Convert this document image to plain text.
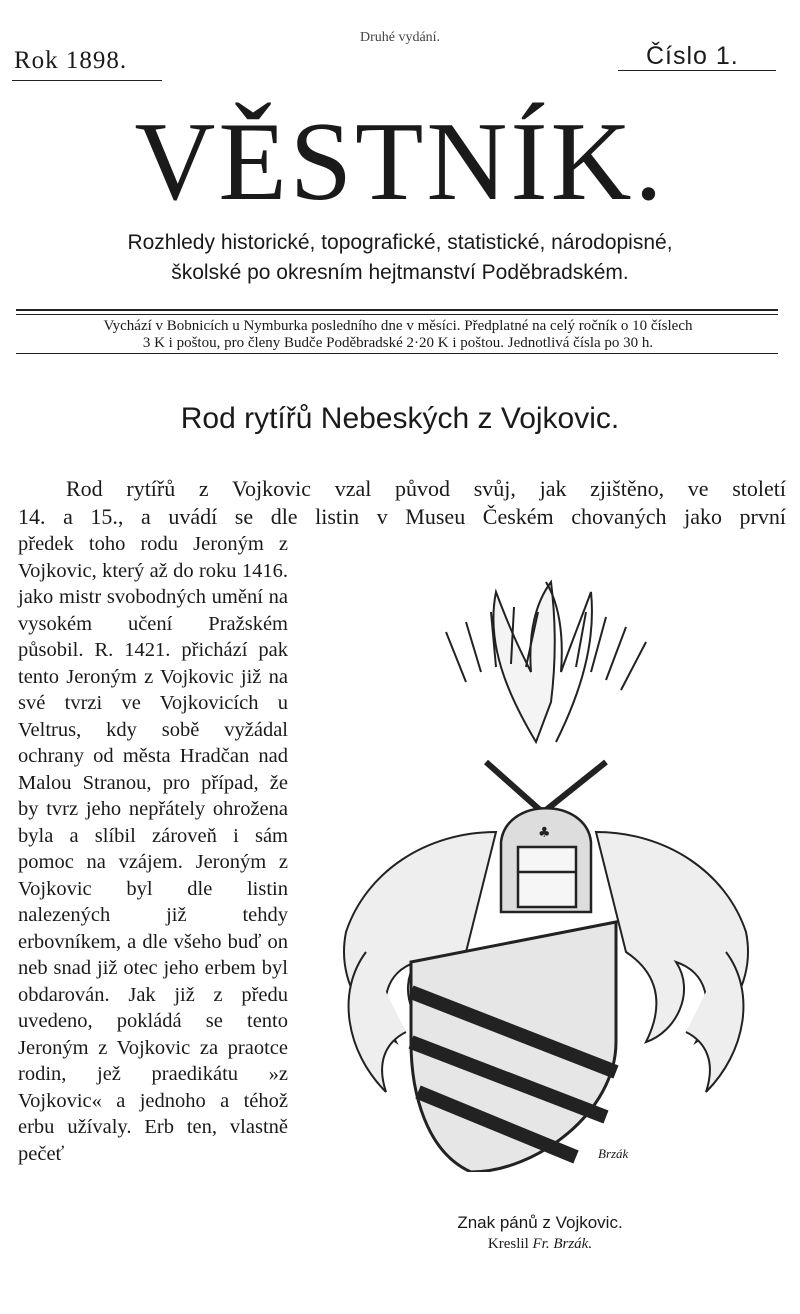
Druhé vydání.
Rok 1898.	Číslo 1.
VĚSTNÍK.
Rozhledy historické, topografické, statistické, národopisné,
školské po okresním hejtmanství Poděbradském.
Vychází v Bobnicích u Nymburka posledního dne v měsíci. Předplatné na celý ročník o 10 číslech
3 K i poštou, pro členy Budče Poděbradské 2·20 K i poštou. Jednotlivá čísla po 30 h.
Rod rytířů Nebeských z Vojkovic.

Rod rytířů z Vojkovic vzal původ svůj, jak zjištěno, ve století

14. a 15., a uvádí se dle listin v Museu Českém chovaných jako první

předek toho rodu Jeroným z Vojkovic, který až do roku 1416. jako mistr svobodných umění na vysokém učení Pražském působil. R. 1421. přichází pak tento Jeroným z Vojkovic již na své tvrzi ve Vojkovicích u Veltrus, kdy sobě vyžádal ochrany od města Hradčan nad Malou Stranou, pro případ, že by tvrz jeho nepřátely ohrožena byla a slíbil zároveň i sám pomoc na vzájem. Jeroným z Vojkovic byl dle listin nalezených již tehdy erbovníkem, a dle všeho buď on neb snad již otec jeho erbem byl obdarován. Jak již z předu uvedeno, pokládá se tento Jeroným z Vojkovic za praotce rodin, jež praedikátu »z Vojkovic« a jednoho a téhož erbu užívaly. Erb ten, vlastně pečeť

♣
Brzák

Znak pánů z Vojkovic.

Kreslil Fr. Brzák.
